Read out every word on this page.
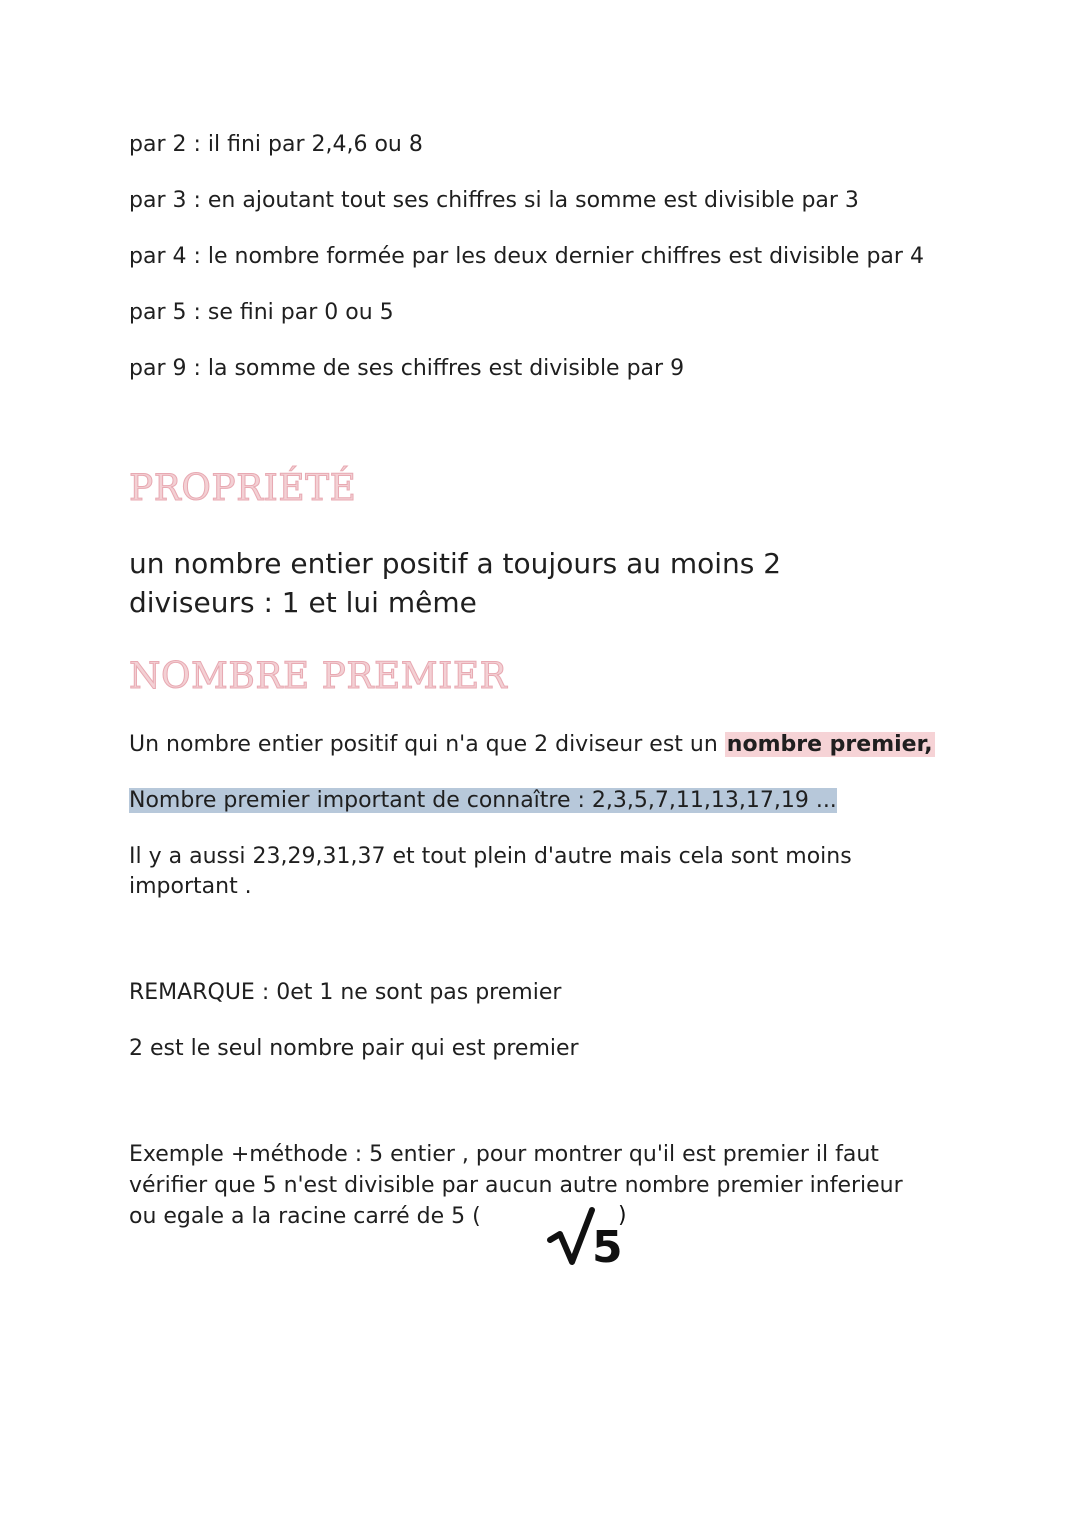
par 2 : il fini par 2,4,6 ou 8
par 3 : en ajoutant tout ses chiffres si la somme est divisible par 3
par 4 : le nombre formée par les deux dernier chiffres est divisible par 4
par 5 : se fini par 0 ou 5
par 9 : la somme de ses chiffres est divisible par 9
PROPRIÉTÉ
un nombre entier positif a toujours au moins 2
diviseurs : 1 et lui même
NOMBRE PREMIER
Un nombre entier positif qui n'a que 2 diviseur est un nombre premier,
Nombre premier important de connaître : 2,3,5,7,11,13,17,19 ...
Il y a aussi 23,29,31,37 et tout plein d'autre mais cela sont moins
important .
REMARQUE : 0et 1 ne sont pas premier
2 est le seul nombre pair qui est premier
Exemple +méthode : 5 entier , pour montrer qu'il est premier il faut
vérifier que 5 n'est divisible par aucun autre nombre premier inferieur
ou egale a la racine carré de 5 (
5
)
